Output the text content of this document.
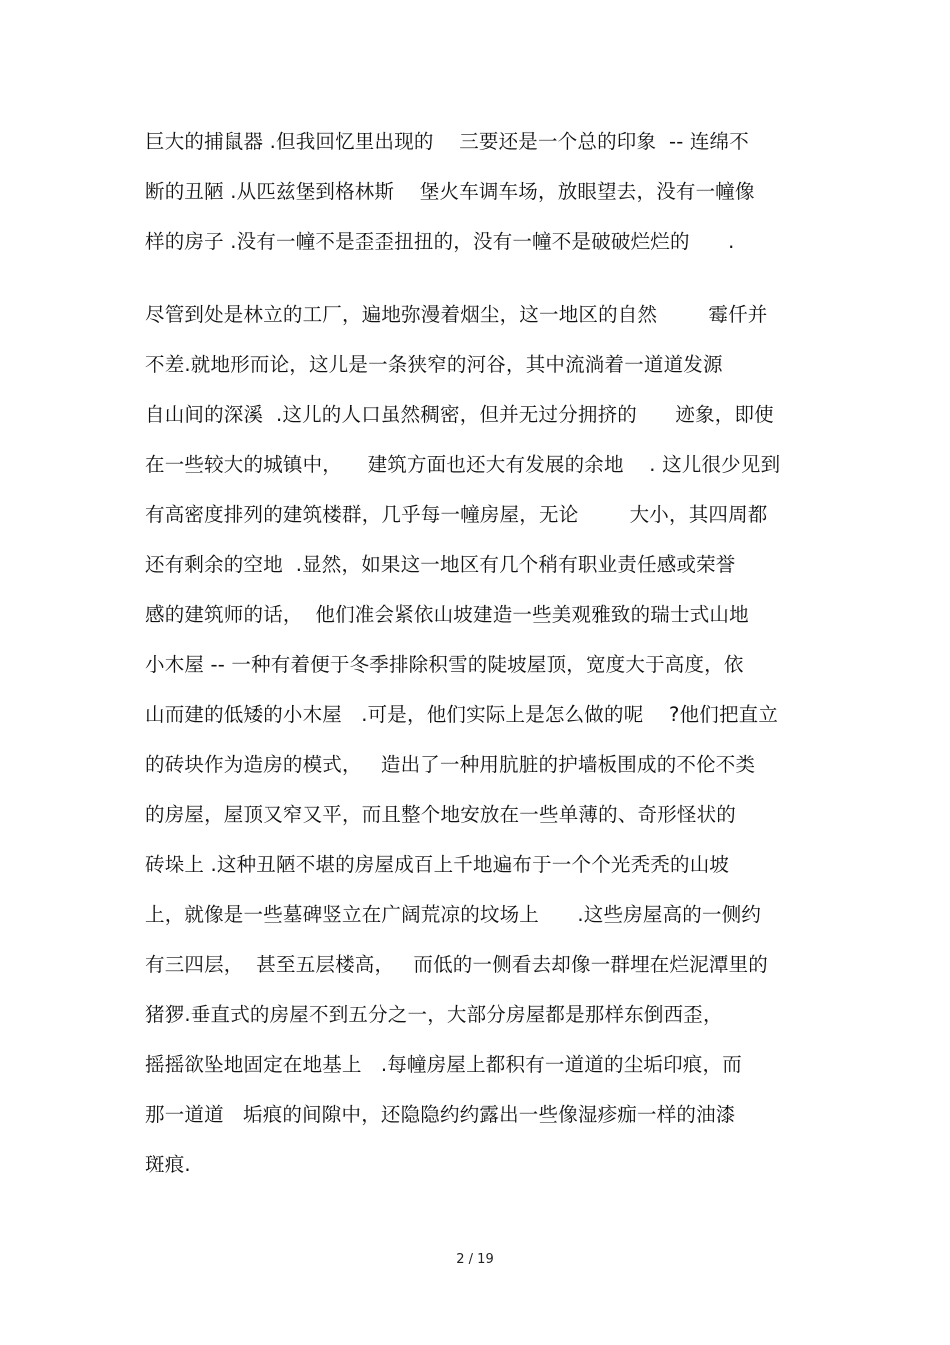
巨大的捕鼠器 .但我回忆里出现的    三要还是一个总的印象  -- 连绵不
断的丑陋 .从匹兹堡到格林斯    堡火车调车场，放眼望去，没有一幢像
样的房子 .没有一幢不是歪歪扭扭的，没有一幢不是破破烂烂的      .
尽管到处是林立的工厂，遍地弥漫着烟尘，这一地区的自然        霉仟并
不差.就地形而论，这儿是一条狭窄的河谷，其中流淌着一道道发源
自山间的深溪  .这儿的人口虽然稠密，但并无过分拥挤的      迹象，即使
在一些较大的城镇中，    建筑方面也还大有发展的余地    . 这儿很少见到
有高密度排列的建筑楼群，几乎每一幢房屋，无论        大小，其四周都
还有剩余的空地  .显然，如果这一地区有几个稍有职业责任感或荣誉
感的建筑师的话，  他们准会紧依山坡建造一些美观雅致的瑞士式山地
小木屋 -- 一种有着便于冬季排除积雪的陡坡屋顶，宽度大于高度，依
山而建的低矮的小木屋   .可是，他们实际上是怎么做的呢    ?他们把直立
的砖块作为造房的模式，   造出了一种用肮脏的护墙板围成的不伦不类
的房屋，屋顶又窄又平，而且整个地安放在一些单薄的、奇形怪状的
砖垛上 .这种丑陋不堪的房屋成百上千地遍布于一个个光秃秃的山坡
上，就像是一些墓碑竖立在广阔荒凉的坟场上      .这些房屋高的一侧约
有三四层，  甚至五层楼高，   而低的一侧看去却像一群埋在烂泥潭里的
猪猡.垂直式的房屋不到五分之一，大部分房屋都是那样东倒西歪，
摇摇欲坠地固定在地基上   .每幢房屋上都积有一道道的尘垢印痕，而
那一道道   垢痕的间隙中，还隐隐约约露出一些像湿疹痂一样的油漆
斑痕.
2 / 19
